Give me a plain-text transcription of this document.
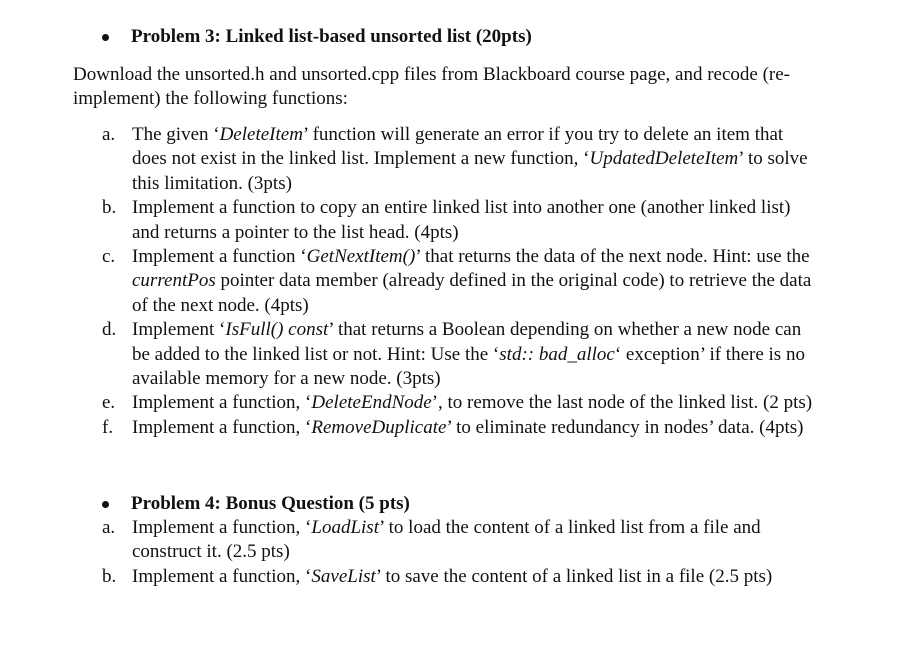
Problem 3: Linked list-based unsorted list (20pts)
Download the unsorted.h and unsorted.cpp files from Blackboard course page, and recode (re-
implement) the following functions:
a. The given ‘DeleteItem’ function will generate an error if you try to delete an item that
does not exist in the linked list. Implement a new function, ‘UpdatedDeleteItem’ to solve
this limitation. (3pts)
b. Implement a function to copy an entire linked list into another one (another linked list)
and returns a pointer to the list head. (4pts)
c. Implement a function ‘GetNextItem()’ that returns the data of the next node. Hint: use the
currentPos pointer data member (already defined in the original code) to retrieve the data
of the next node. (4pts)
d. Implement ‘IsFull() const’ that returns a Boolean depending on whether a new node can
be added to the linked list or not. Hint: Use the ‘std:: bad_alloc‘ exception’ if there is no
available memory for a new node. (3pts)
e. Implement a function, ‘DeleteEndNode’, to remove the last node of the linked list. (2 pts)
f. Implement a function, ‘RemoveDuplicate’ to eliminate redundancy in nodes’ data. (4pts)
Problem 4: Bonus Question (5 pts)
a. Implement a function, ‘LoadList’ to load the content of a linked list from a file and
construct it. (2.5 pts)
b. Implement a function, ‘SaveList’ to save the content of a linked list in a file (2.5 pts)
